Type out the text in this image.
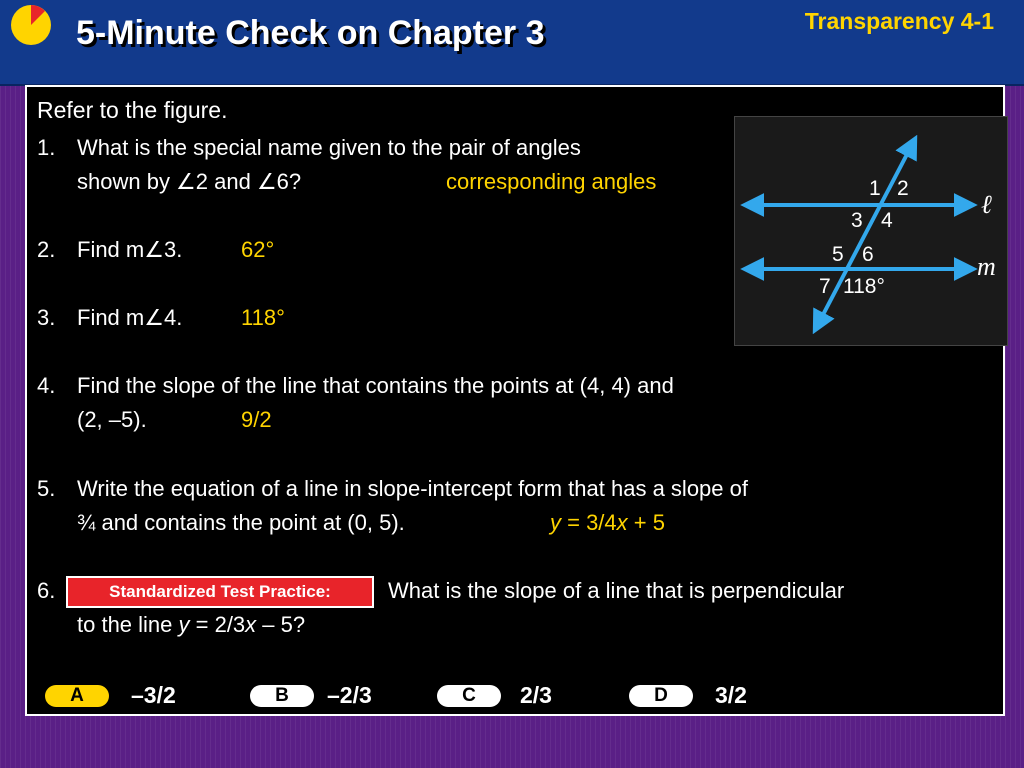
5-Minute Check on Chapter 3	Transparency 4-1
Refer to the figure.
1. What is the special name given to the pair of angles
shown by ∠2 and ∠6?	corresponding angles
2. Find m∠3.	62°
3. Find m∠4.	118°
4. Find the slope of the line that contains the points at (4, 4) and
(2, –5).	9/2
5. Write the equation of a line in slope-intercept form that has a slope of
¾ and contains the point at (0, 5).	y = 3/4x + 5
6.	Standardized Test Practice:	What is the slope of a line that is perpendicular
to the line y = 2/3x – 5?
1 2
3 4
5 6
7 118°
ℓ
m
A	–3/2	B	–2/3	C	2/3	D	3/2
